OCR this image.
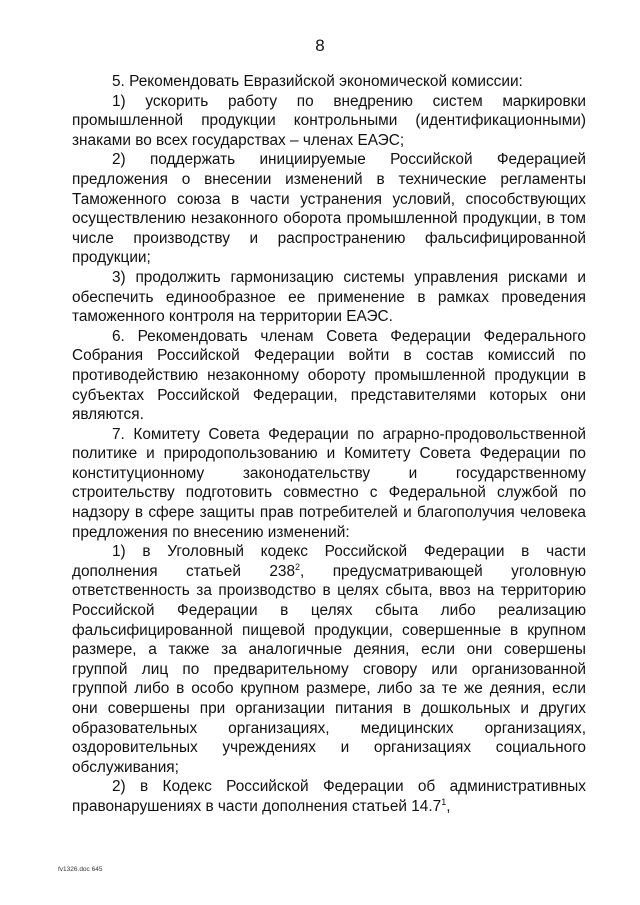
8

5. Рекомендовать Евразийской экономической комиссии:

1) ускорить работу по внедрению систем маркировки промышленной продукции контрольными (идентификационными) знаками во всех государствах – членах ЕАЭС;

2) поддержать инициируемые Российской Федерацией предложения о внесении изменений в технические регламенты Таможенного союза в части устранения условий, способствующих осуществлению незаконного оборота промышленной продукции, в том числе производству и распространению фальсифицированной продукции;

3) продолжить гармонизацию системы управления рисками и обеспечить единообразное ее применение в рамках проведения таможенного контроля на территории ЕАЭС.

6. Рекомендовать членам Совета Федерации Федерального Собрания Российской Федерации войти в состав комиссий по противодействию незаконному обороту промышленной продукции в субъектах Российской Федерации, представителями которых они являются.

7. Комитету Совета Федерации по аграрно-продовольственной политике и природопользованию и Комитету Совета Федерации по конституционному законодательству и государственному строительству подготовить совместно с Федеральной службой по надзору в сфере защиты прав потребителей и благополучия человека предложения по внесению изменений:

1) в Уголовный кодекс Российской Федерации в части дополнения статьей $238^2$, предусматривающей уголовную ответственность за производство в целях сбыта, ввоз на территорию Российской Федерации в целях сбыта либо реализацию фальсифицированной пищевой продукции, совершенные в крупном размере, а также за аналогичные деяния, если они совершены группой лиц по предварительному сговору или организованной группой либо в особо крупном размере, либо за те же деяния, если они совершены при организации питания в дошкольных и других образовательных организациях, медицинских организациях, оздоровительных учреждениях и организациях социального обслуживания;

2) в Кодекс Российской Федерации об административных правонарушениях в части дополнения статьей 14.7$^1$,

fv1326.doc 645
